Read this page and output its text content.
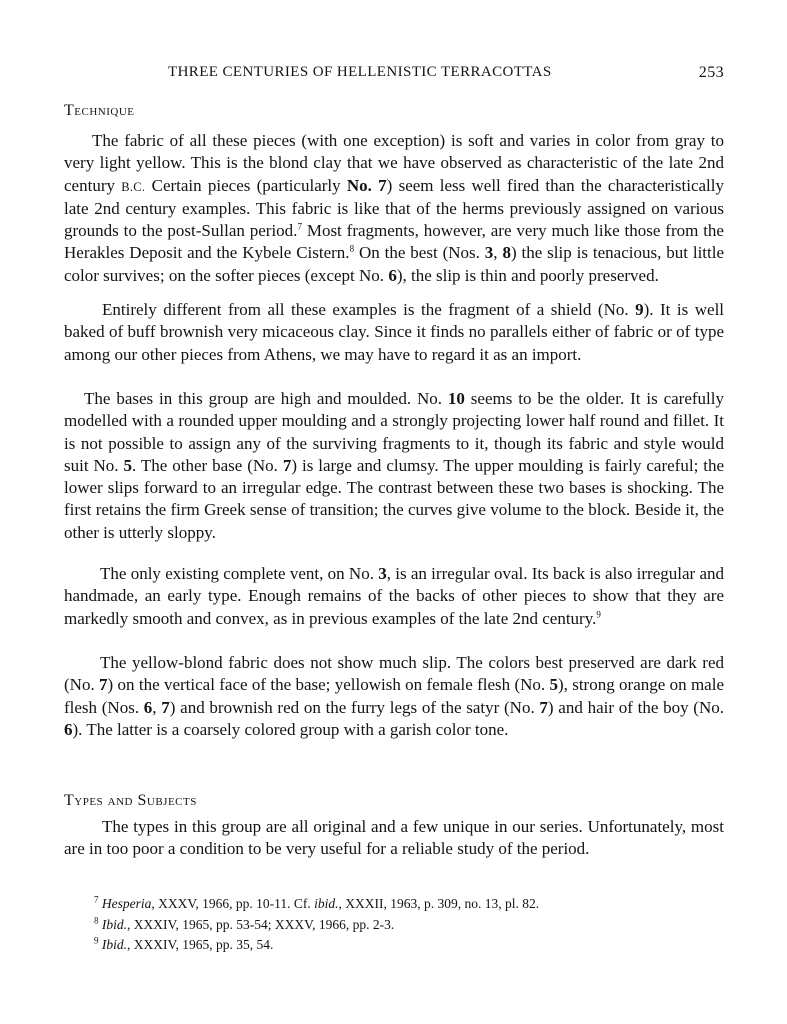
THREE CENTURIES OF HELLENISTIC TERRACOTTAS	253
Technique

The fabric of all these pieces (with one exception) is soft and varies in color from gray to very light yellow. This is the blond clay that we have observed as characteristic of the late 2nd century B.C. Certain pieces (particularly No. 7) seem less well fired than the characteristically late 2nd century examples. This fabric is like that of the herms previously assigned on various grounds to the post-Sullan period.$^7$ Most fragments, however, are very much like those from the Herakles Deposit and the Kybele Cistern.$^8$ On the best (Nos. 3, 8) the slip is tenacious, but little color survives; on the softer pieces (except No. 6), the slip is thin and poorly preserved.

Entirely different from all these examples is the fragment of a shield (No. 9). It is well baked of buff brownish very micaceous clay. Since it finds no parallels either of fabric or of type among our other pieces from Athens, we may have to regard it as an import.

The bases in this group are high and moulded. No. 10 seems to be the older. It is carefully modelled with a rounded upper moulding and a strongly projecting lower half round and fillet. It is not possible to assign any of the surviving fragments to it, though its fabric and style would suit No. 5. The other base (No. 7) is large and clumsy. The upper moulding is fairly careful; the lower slips forward to an irregular edge. The contrast between these two bases is shocking. The first retains the firm Greek sense of transition; the curves give volume to the block. Beside it, the other is utterly sloppy.

The only existing complete vent, on No. 3, is an irregular oval. Its back is also irregular and handmade, an early type. Enough remains of the backs of other pieces to show that they are markedly smooth and convex, as in previous examples of the late 2nd century.$^9$

The yellow-blond fabric does not show much slip. The colors best preserved are dark red (No. 7) on the vertical face of the base; yellowish on female flesh (No. 5), strong orange on male flesh (Nos. 6, 7) and brownish red on the furry legs of the satyr (No. 7) and hair of the boy (No. 6). The latter is a coarsely colored group with a garish color tone.

Types and Subjects

The types in this group are all original and a few unique in our series. Unfortunately, most are in too poor a condition to be very useful for a reliable study of the period.

$^7$ Hesperia, XXXV, 1966, pp. 10-11. Cf. ibid., XXXII, 1963, p. 309, no. 13, pl. 82.
$^8$ Ibid., XXXIV, 1965, pp. 53-54; XXXV, 1966, pp. 2-3.
$^9$ Ibid., XXXIV, 1965, pp. 35, 54.
